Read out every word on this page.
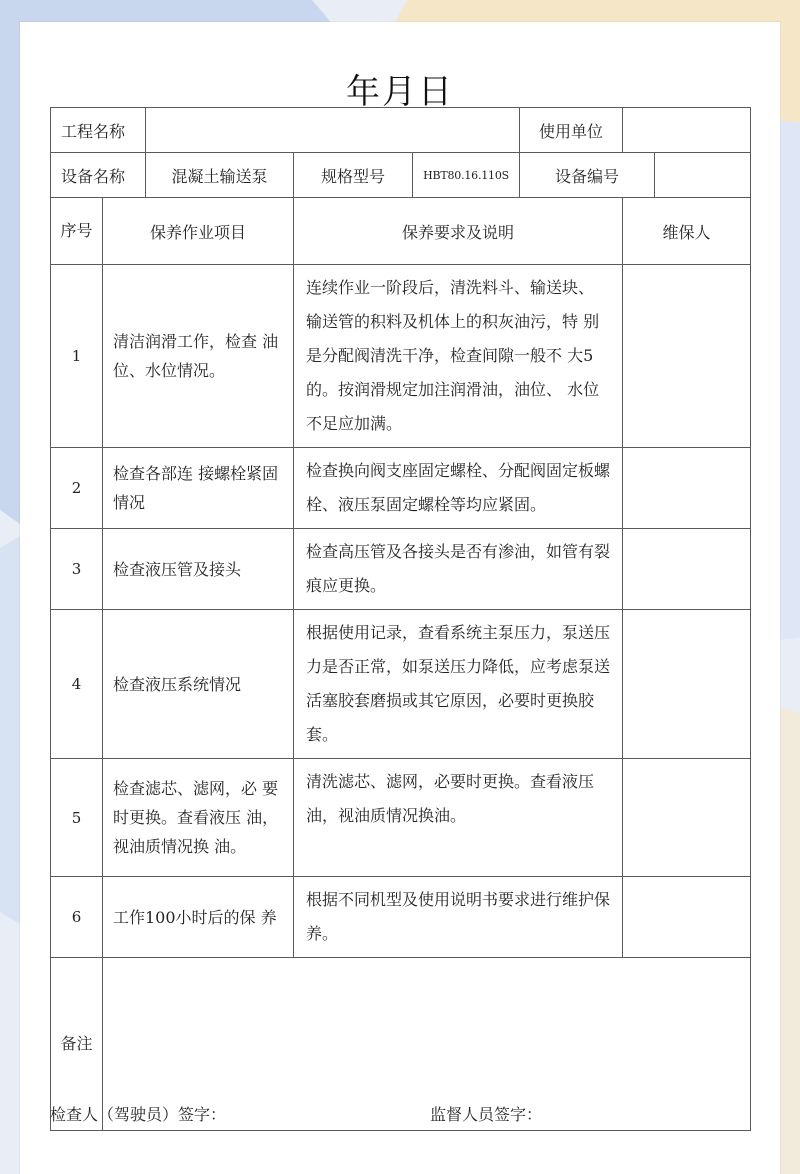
年月日
工程名称					使用单位		
设备名称		混凝土输送泵	规格型号	HBT80.16.110S	设备编号		
序号	保养作业项目		保养要求及说明			维保人	
1	清洁润滑工作，检查 油位、水位情况。		连续作业一阶段后，清洗料斗、输送块、 输送管的积料及机体上的积灰油污，特 别是分配阀清洗干净，检查间隙一般不 大5的。按润滑规定加注润滑油，油位、 水位不足应加满。				
2	检查各部连 接螺栓紧固情况		检查换向阀支座固定螺栓、分配阀固定板螺栓、液压泵固定螺栓等均应紧固。				
3	检查液压管及接头		检查高压管及各接头是否有渗油，如管有裂痕应更换。				
4	检查液压系统情况		根据使用记录，查看系统主泵压力，泵送压力是否正常，如泵送压力降低，应考虑泵送活塞胶套磨损或其它原因，必要时更换胶套。				
5	检查滤芯、滤网，必 要时更换。查看液压 油，视油质情况换 油。		清洗滤芯、滤网，必要时更换。查看液压油，视油质情况换油。				
6	工作100小时后的保 养		根据不同机型及使用说明书要求进行维护保养。				
备注							
检查人（驾驶员）签字：	监督人员签字：
